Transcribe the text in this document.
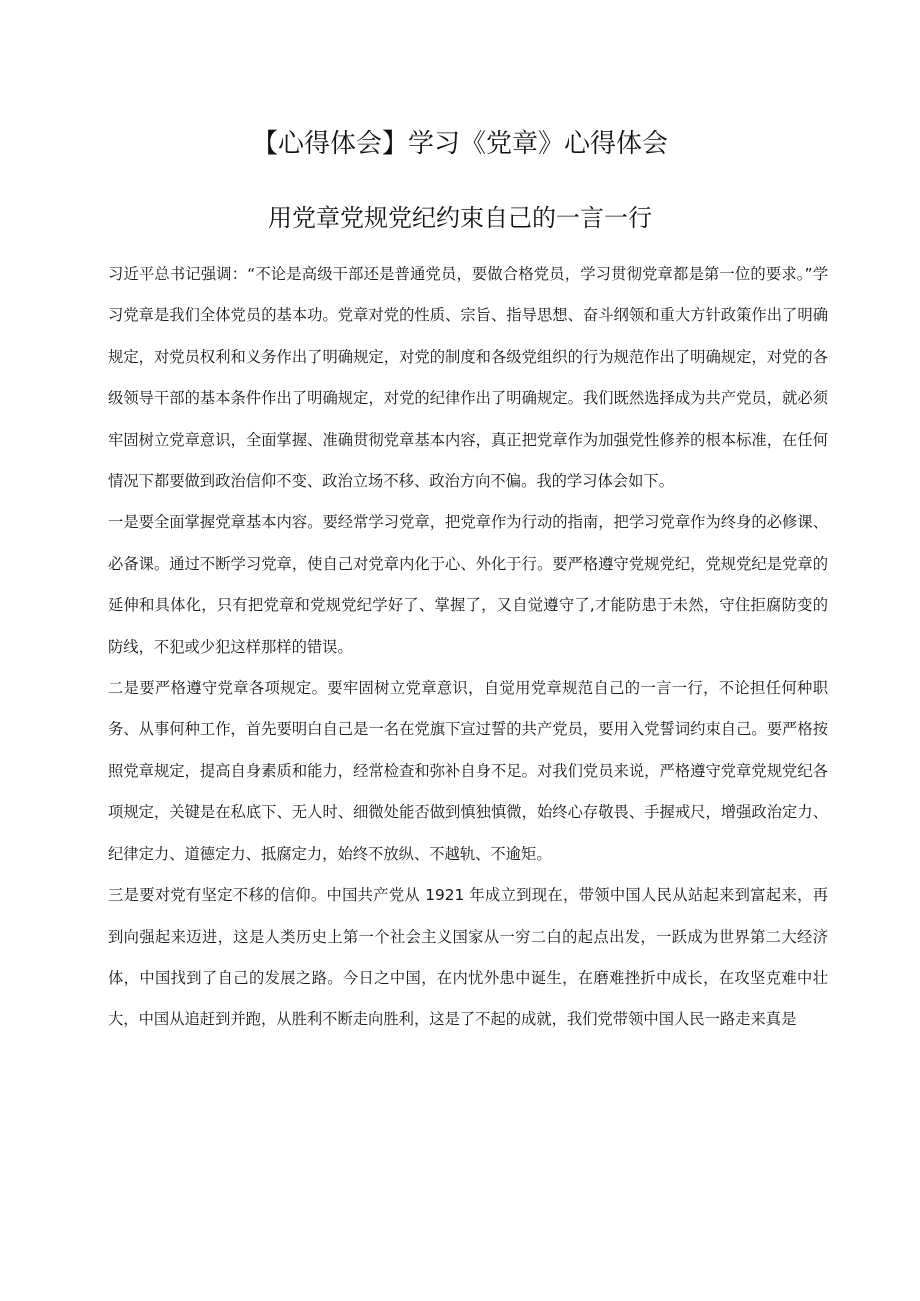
【心得体会】学习《党章》心得体会
用党章党规党纪约束自己的一言一行

习近平总书记强调：“不论是高级干部还是普通党员，要做合格党员，学习贯彻党章都是第一位的要求。”学习党章是我们全体党员的基本功。党章对党的性质、宗旨、指导思想、奋斗纲领和重大方针政策作出了明确规定，对党员权利和义务作出了明确规定，对党的制度和各级党组织的行为规范作出了明确规定，对党的各级领导干部的基本条件作出了明确规定，对党的纪律作出了明确规定。我们既然选择成为共产党员，就必须牢固树立党章意识，全面掌握、准确贯彻党章基本内容，真正把党章作为加强党性修养的根本标准，在任何情况下都要做到政治信仰不变、政治立场不移、政治方向不偏。我的学习体会如下。

一是要全面掌握党章基本内容。要经常学习党章，把党章作为行动的指南，把学习党章作为终身的必修课、必备课。通过不断学习党章，使自己对党章内化于心、外化于行。要严格遵守党规党纪，党规党纪是党章的延伸和具体化，只有把党章和党规党纪学好了、掌握了，又自觉遵守了,才能防患于未然，守住拒腐防变的防线，不犯或少犯这样那样的错误。

二是要严格遵守党章各项规定。要牢固树立党章意识，自觉用党章规范自己的一言一行，不论担任何种职务、从事何种工作，首先要明白自己是一名在党旗下宣过誓的共产党员，要用入党誓词约束自己。要严格按照党章规定，提高自身素质和能力，经常检查和弥补自身不足。对我们党员来说，严格遵守党章党规党纪各项规定，关键是在私底下、无人时、细微处能否做到慎独慎微，始终心存敬畏、手握戒尺，增强政治定力、纪律定力、道德定力、抵腐定力，始终不放纵、不越轨、不逾矩。

三是要对党有坚定不移的信仰。中国共产党从 1921 年成立到现在，带领中国人民从站起来到富起来，再到向强起来迈进，这是人类历史上第一个社会主义国家从一穷二白的起点出发，一跃成为世界第二大经济体，中国找到了自己的发展之路。今日之中国，在内忧外患中诞生，在磨难挫折中成长，在攻坚克难中壮大，中国从追赶到并跑，从胜利不断走向胜利，这是了不起的成就，我们党带领中国人民一路走来真是
